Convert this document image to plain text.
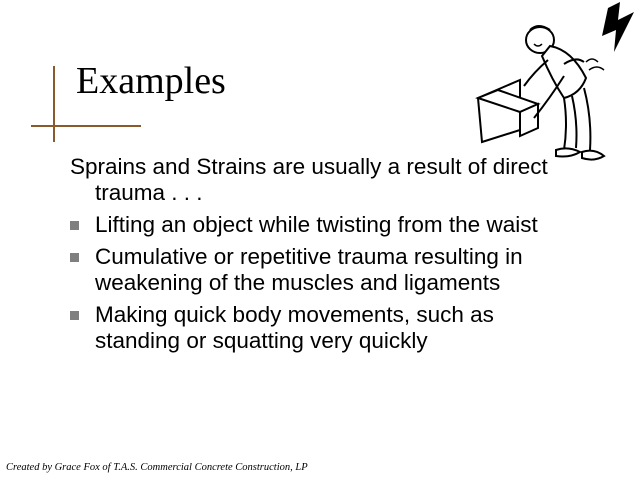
Examples

Sprains and Strains are usually a result of direct trauma . . .

Lifting an object while twisting from the waist
Cumulative or repetitive trauma resulting in weakening of the muscles and ligaments
Making quick body movements, such as standing or squatting very quickly
Created by Grace Fox of T.A.S. Commercial Concrete Construction, LP
